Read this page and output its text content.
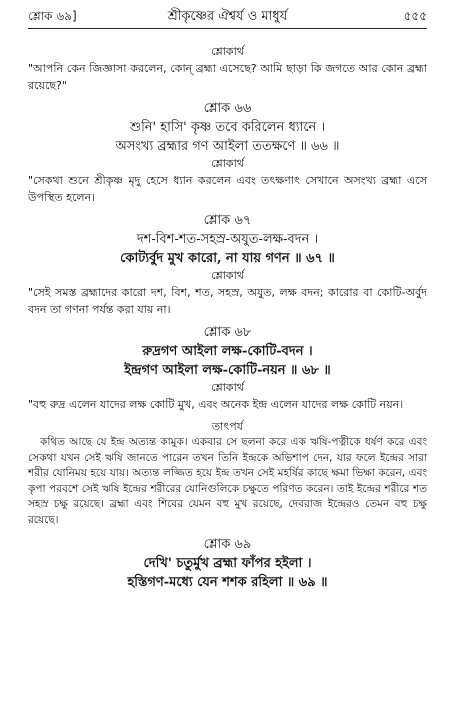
শ্লোক ৬৯]	শ্রীকৃষ্ণের ঐশ্বর্য ও মাধুর্য	৫৫৫

শ্লোকার্থ

"আপনি কেন জিজ্ঞাসা করলেন, কোন্ ব্রহ্মা এসেছে? আমি ছাড়া কি জগতে আর কোন ব্রহ্মা রয়েছে?"

শ্লোক ৬৬

শুনি' হাসি' কৃষ্ণ তবে করিলেন ধ্যানে ।

অসংখ্য ব্রহ্মার গণ আইলা ততক্ষণে ॥ ৬৬ ॥

শ্লোকার্থ

"সেকথা শুনে শ্রীকৃষ্ণ মৃদু হেসে ধ্যান করলেন এবং তৎক্ষণাৎ সেখানে অসংখ্য ব্রহ্মা এসে উপস্থিত হলেন।

শ্লোক ৬৭

দশ-বিশ-শত-সহস্র-অযুত-লক্ষ-বদন ।

কোট্যর্বুদ মুখ কারো, না যায় গণন ॥ ৬৭ ॥

শ্লোকার্থ

"সেই সমস্ত ব্রহ্মাদের কারো দশ, বিশ, শত, সহস্র, অযুত, লক্ষ বদন; কারোর বা কোটি-অর্বুদ বদন তা গণনা পর্যন্ত করা যায় না।

শ্লোক ৬৮

রুদ্রগণ আইলা লক্ষ-কোটি-বদন ।

ইন্দ্রগণ আইলা লক্ষ-কোটি-নয়ন ॥ ৬৮ ॥

শ্লোকার্থ

"বহু রুদ্র এলেন যাদের লক্ষ কোটি মুখ, এবং অনেক ইন্দ্র এলেন যাদের লক্ষ কোটি নয়ন।

তাৎপর্য

কথিত আছে যে ইন্দ্র অত্যন্ত কামুক। একবার সে ছলনা করে এক ঋষি-পত্নীকে ধর্ষণ করে এবং সেকথা যখন সেই ঋষি জানতে পারেন তখন তিনি ইন্দ্রকে অভিশাপ দেন, যার ফলে ইন্দ্রের সারা শরীর যোনিময় হয়ে যায়। অত্যন্ত লজ্জিত হয়ে ইন্দ্র তখন সেই মহর্ষির কাছে ক্ষমা ভিক্ষা করেন, এবং কৃপা পরবশে সেই ঋষি ইন্দ্রের শরীরের যোনিগুলিকে চক্ষুতে পরিণত করেন। তাই ইন্দ্রের শরীরে শত সহস্র চক্ষু রয়েছে। ব্রহ্মা এবং শিবের যেমন বহু মুখ রয়েছে, দেবরাজ ইন্দ্রেরও তেমন বহু চক্ষু রয়েছে।

শ্লোক ৬৯

দেখি' চতুর্মুখ ব্রহ্মা ফাঁপর হইলা ।

হস্তিগণ-মধ্যে যেন শশক রহিলা ॥ ৬৯ ॥
